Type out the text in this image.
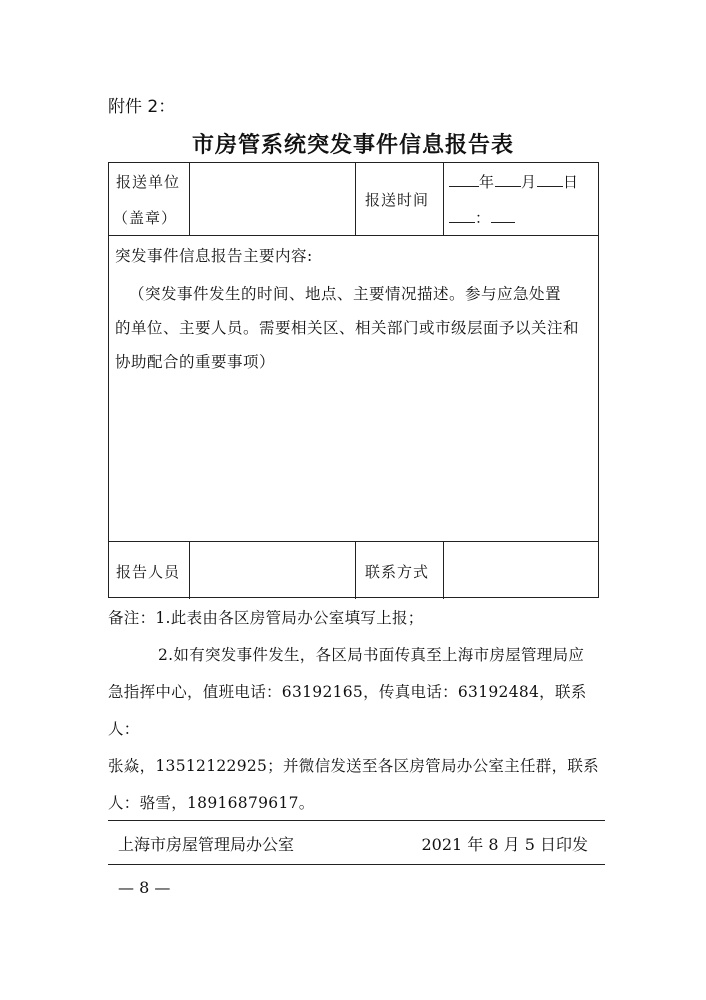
附件 2：
市房管系统突发事件信息报告表
报送单位
（盖章）
报送时间
年 月 日
：
突发事件信息报告主要内容:
（突发事件发生的时间、地点、主要情况描述。参与应急处置
的单位、主要人员。需要相关区、相关部门或市级层面予以关注和
协助配合的重要事项）
报告人员	联系方式
备注：1.此表由各区房管局办公室填写上报；
2.如有突发事件发生，各区局书面传真至上海市房屋管理局应
急指挥中心，值班电话：63192165，传真电话：63192484，联系人：
张焱，13512122925；并微信发送至各区房管局办公室主任群，联系
人：骆雪，18916879617。
上海市房屋管理局办公室	2021 年 8 月 5 日印发
— 8 —
